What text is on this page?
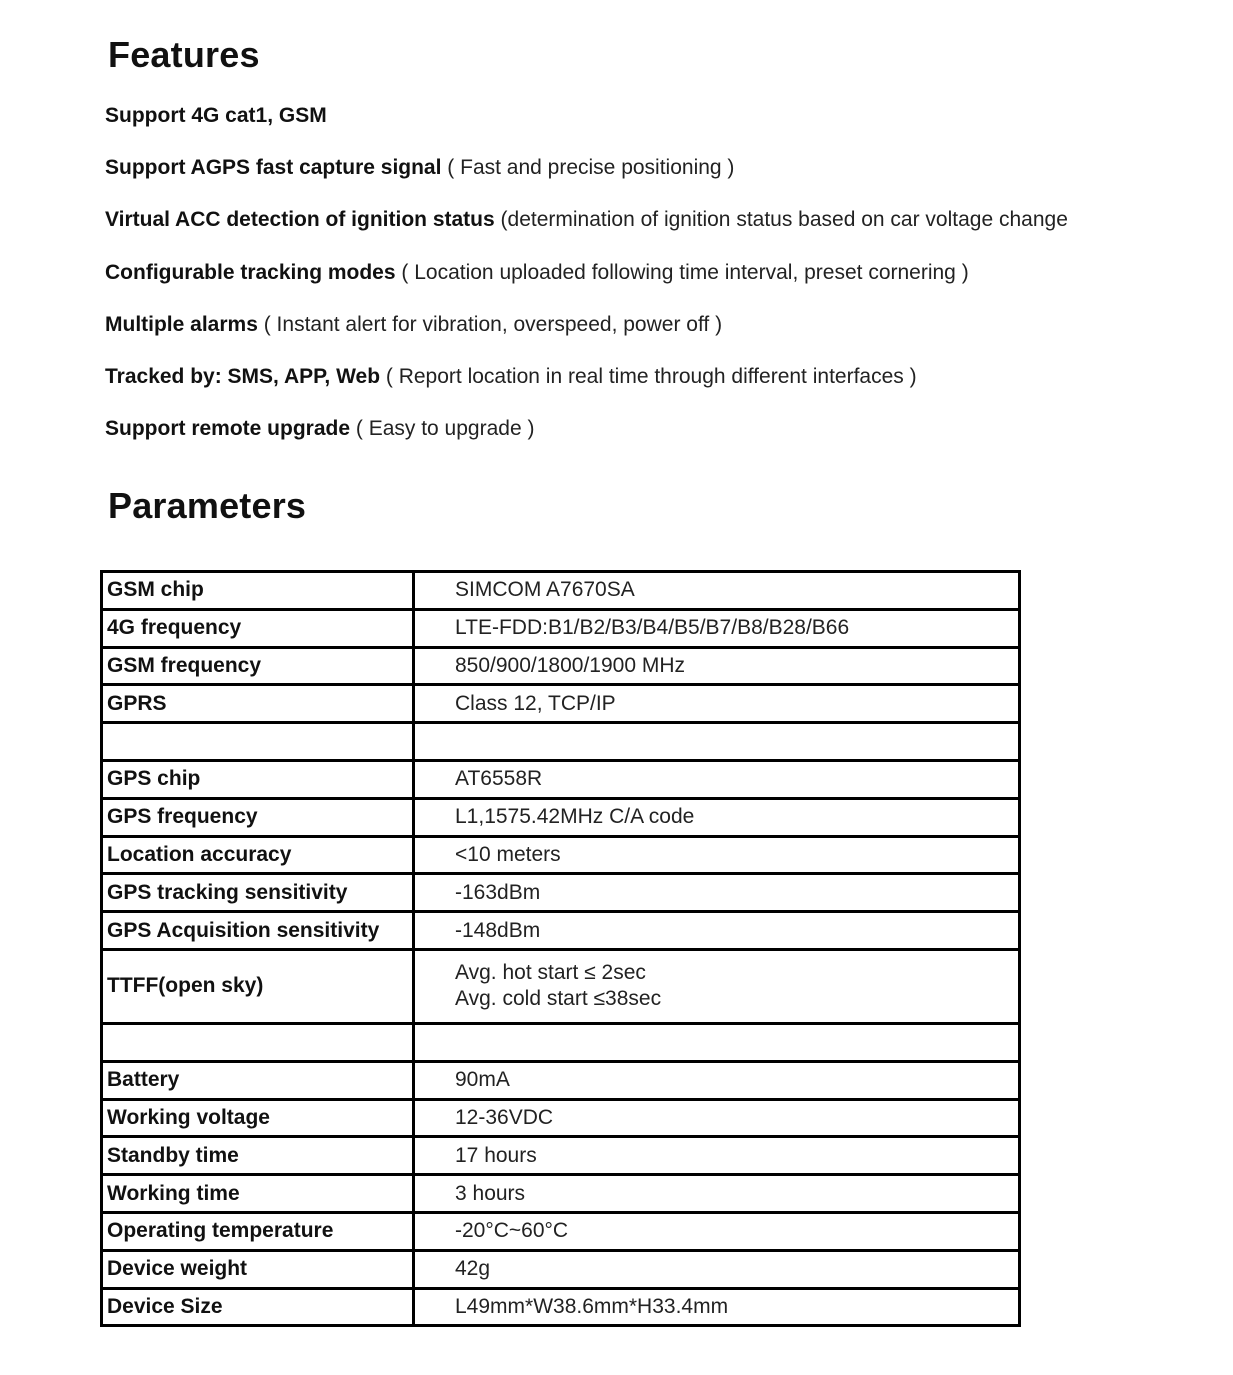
Features
Support 4G cat1, GSM
Support AGPS fast capture signal ( Fast and precise positioning )
Virtual ACC detection of ignition status (determination of ignition status based on car voltage change
Configurable tracking modes ( Location uploaded following time interval, preset cornering )
Multiple alarms ( Instant alert for vibration, overspeed, power off )
Tracked by: SMS, APP, Web ( Report location in real time through different interfaces )
Support remote upgrade ( Easy to upgrade )
Parameters
GSM chip	SIMCOM A7670SA
4G frequency	LTE-FDD:B1/B2/B3/B4/B5/B7/B8/B28/B66
GSM frequency	850/900/1800/1900 MHz
GPRS	Class 12, TCP/IP

GPS chip	AT6558R
GPS frequency	L1,1575.42MHz C/A code
Location accuracy	<10 meters
GPS tracking sensitivity	-163dBm
GPS Acquisition sensitivity	-148dBm
TTFF(open sky)	Avg. hot start ≤ 2sec
Avg. cold start ≤38sec

Battery	90mA
Working voltage	12-36VDC
Standby time	17 hours
Working time	3 hours
Operating temperature	-20°C~60°C
Device weight	42g
Device Size	L49mm*W38.6mm*H33.4mm
